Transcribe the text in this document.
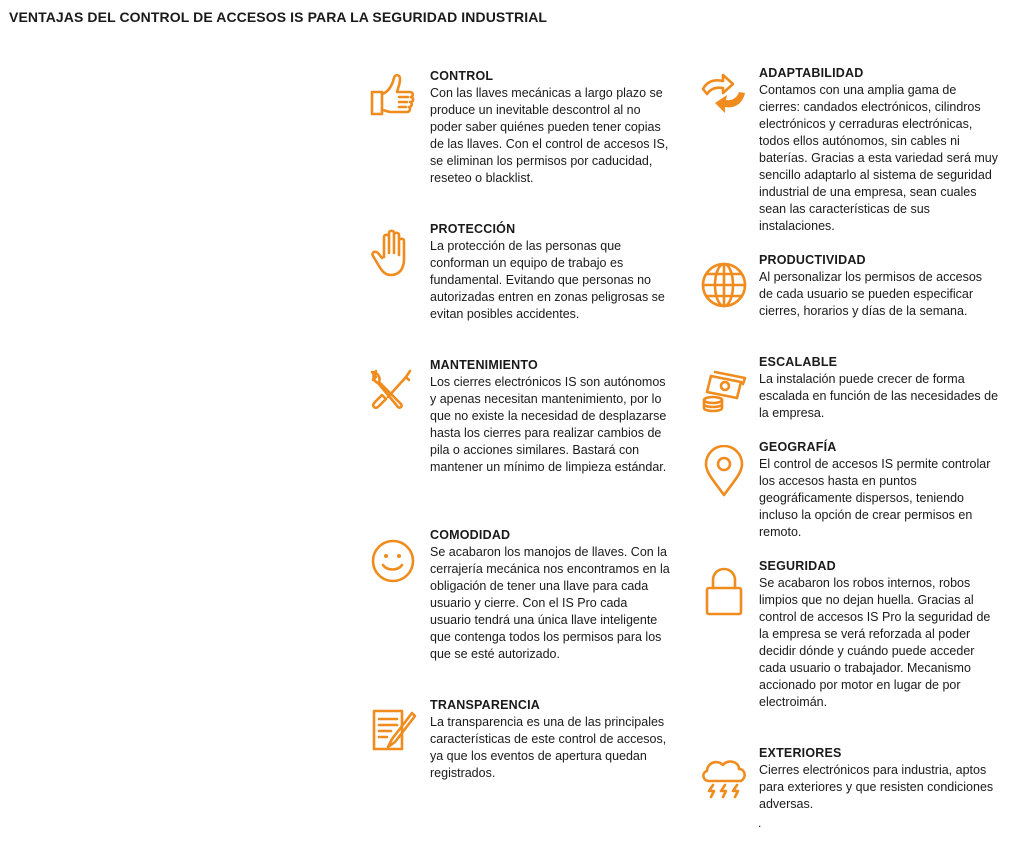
VENTAJAS DEL CONTROL DE ACCESOS IS PARA LA SEGURIDAD INDUSTRIAL

CONTROL

Con las llaves mecánicas a largo plazo se produce un inevitable descontrol al no poder saber quiénes pueden tener copias de las llaves. Con el control de accesos IS, se eliminan los permisos por caducidad, reseteo o blacklist.

PROTECCIÓN

La protección de las personas que conforman un equipo de trabajo es fundamental. Evitando que personas no autorizadas entren en zonas peligrosas se evitan posibles accidentes.

MANTENIMIENTO

Los cierres electrónicos IS son autónomos y apenas necesitan mantenimiento, por lo que no existe la necesidad de desplazarse hasta los cierres para realizar cambios de pila o acciones similares. Bastará con mantener un mínimo de limpieza estándar.

COMODIDAD

Se acabaron los manojos de llaves. Con la cerrajería mecánica nos encontramos en la obligación de tener una llave para cada usuario y cierre. Con el IS Pro cada usuario tendrá una única llave inteligente que contenga todos los permisos para los que se esté autorizado.

TRANSPARENCIA

La transparencia es una de las principales características de este control de accesos, ya que los eventos de apertura quedan registrados.

ADAPTABILIDAD

Contamos con una amplia gama de cierres: candados electrónicos, cilindros electrónicos y cerraduras electrónicas, todos ellos autónomos, sin cables ni baterías. Gracias a esta variedad será muy sencillo adaptarlo al sistema de seguridad industrial de una empresa, sean cuales sean las características de sus instalaciones.

PRODUCTIVIDAD

Al personalizar los permisos de accesos de cada usuario se pueden especificar cierres, horarios y días de la semana.

ESCALABLE

La instalación puede crecer de forma escalada en función de las necesidades de la empresa.

GEOGRAFÍA

El control de accesos IS permite controlar los accesos hasta en puntos geográficamente dispersos, teniendo incluso la opción de crear permisos en remoto.

SEGURIDAD

Se acabaron los robos internos, robos limpios que no dejan huella. Gracias al control de accesos IS Pro la seguridad de la empresa se verá reforzada al poder decidir dónde y cuándo puede acceder cada usuario o trabajador. Mecanismo accionado por motor en lugar de por electroimán.

EXTERIORES

Cierres electrónicos para industria, aptos para exteriores y que resisten condiciones adversas.

.
